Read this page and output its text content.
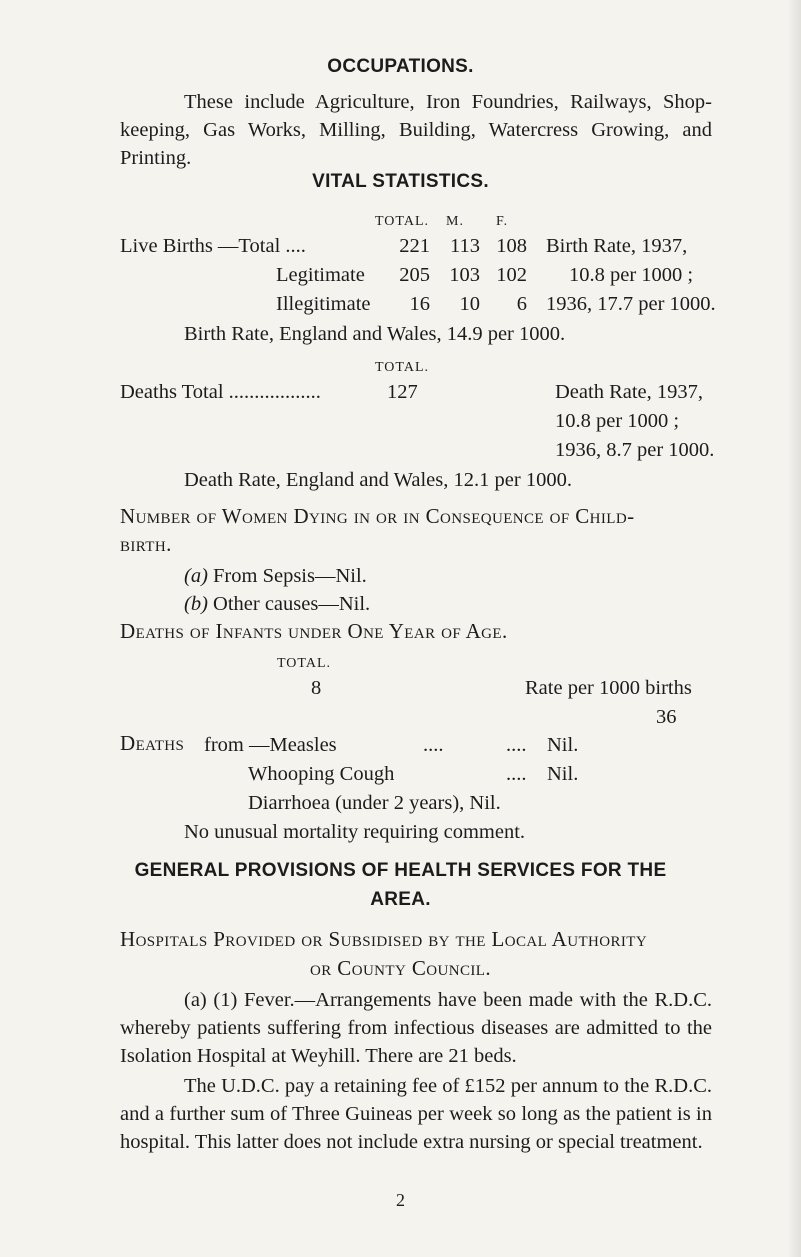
OCCUPATIONS.
These include Agriculture, Iron Foundries, Railways, Shop-keeping, Gas Works, Milling, Building, Watercress Growing, and Printing.
VITAL STATISTICS.
TOTAL. M. F.
Live Births —Total ....	221 113 108 Birth Rate, 1937,
Legitimate	205 103 102 10.8 per 1000 ;
Illegitimate	16	10	6 1936, 17.7 per 1000.
Birth Rate, England and Wales, 14.9 per 1000.
TOTAL.
Deaths Total ..................	127	Death Rate, 1937,
10.8 per 1000 ;
1936, 8.7 per 1000.
Death Rate, England and Wales, 12.1 per 1000.
Number of Women Dying in or in Consequence of Child-
birth.
(a) From Sepsis—Nil.
(b) Other causes—Nil.
Deaths of Infants under One Year of Age.
TOTAL.
8	Rate per 1000 births
36
Deaths from —Measles	....	.... Nil.
Whooping Cough	.... Nil.
Diarrhoea (under 2 years), Nil.
No unusual mortality requiring comment.
GENERAL PROVISIONS OF HEALTH SERVICES FOR THE
AREA.
Hospitals Provided or Subsidised by the Local Authority
or County Council.
(a) (1) Fever.—Arrangements have been made with the R.D.C. whereby patients suffering from infectious diseases are admitted to the Isolation Hospital at Weyhill. There are 21 beds.
The U.D.C. pay a retaining fee of £152 per annum to the R.D.C. and a further sum of Three Guineas per week so long as the patient is in hospital. This latter does not include extra nursing or special treatment.
2
